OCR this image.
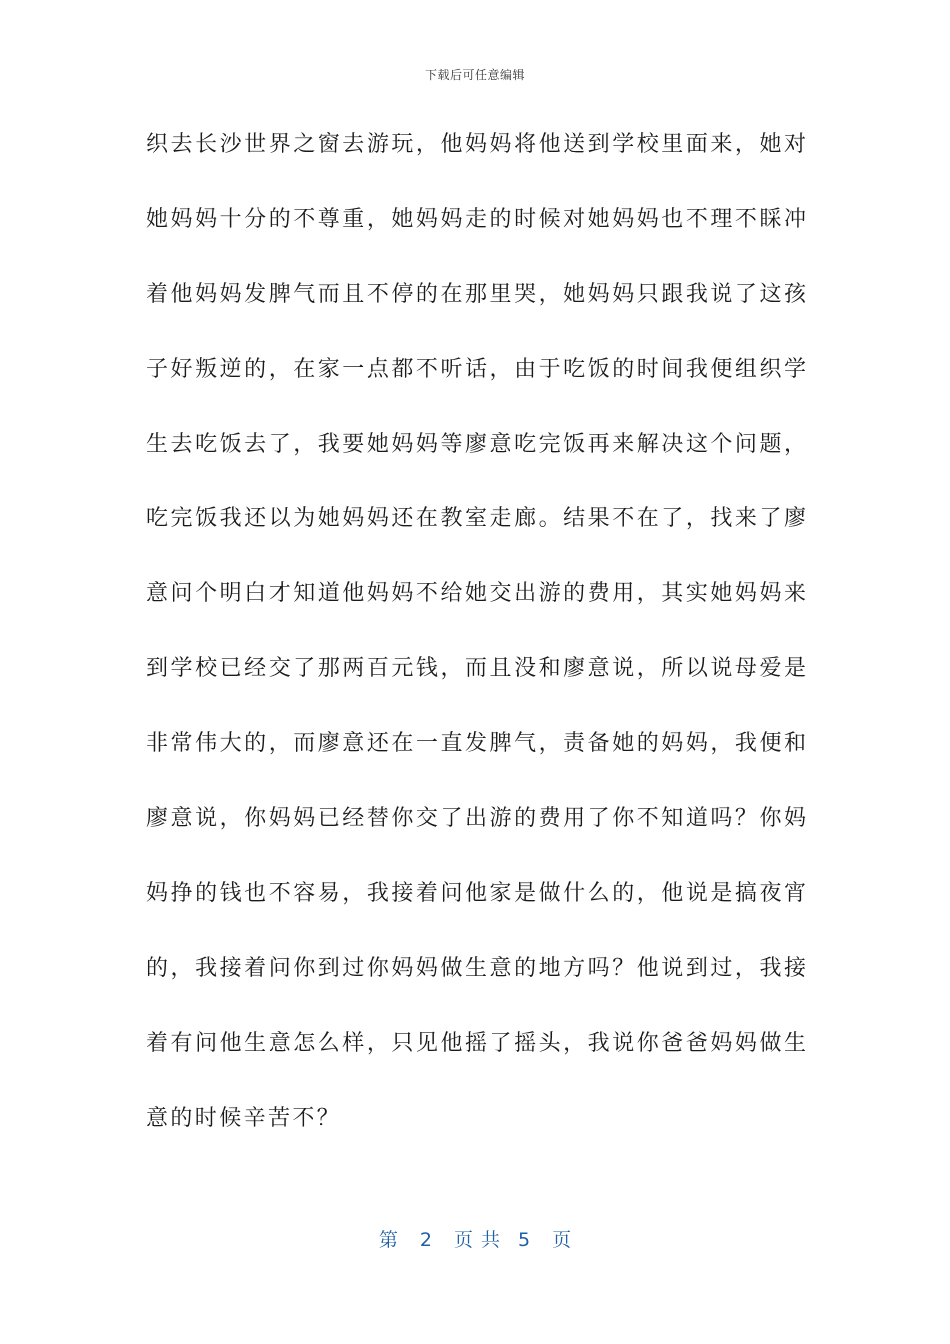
下载后可任意编辑
织去长沙世界之窗去游玩，他妈妈将他送到学校里面来，她对
她妈妈十分的不尊重，她妈妈走的时候对她妈妈也不理不睬冲
着他妈妈发脾气而且不停的在那里哭，她妈妈只跟我说了这孩
子好叛逆的，在家一点都不听话，由于吃饭的时间我便组织学
生去吃饭去了，我要她妈妈等廖意吃完饭再来解决这个问题，
吃完饭我还以为她妈妈还在教室走廊。结果不在了，找来了廖
意问个明白才知道他妈妈不给她交出游的费用，其实她妈妈来
到学校已经交了那两百元钱，而且没和廖意说，所以说母爱是
非常伟大的，而廖意还在一直发脾气，责备她的妈妈，我便和
廖意说，你妈妈已经替你交了出游的费用了你不知道吗？你妈
妈挣的钱也不容易，我接着问他家是做什么的，他说是搞夜宵
的，我接着问你到过你妈妈做生意的地方吗？他说到过，我接
着有问他生意怎么样，只见他摇了摇头，我说你爸爸妈妈做生
意的时候辛苦不？
第 2 页共 5 页
